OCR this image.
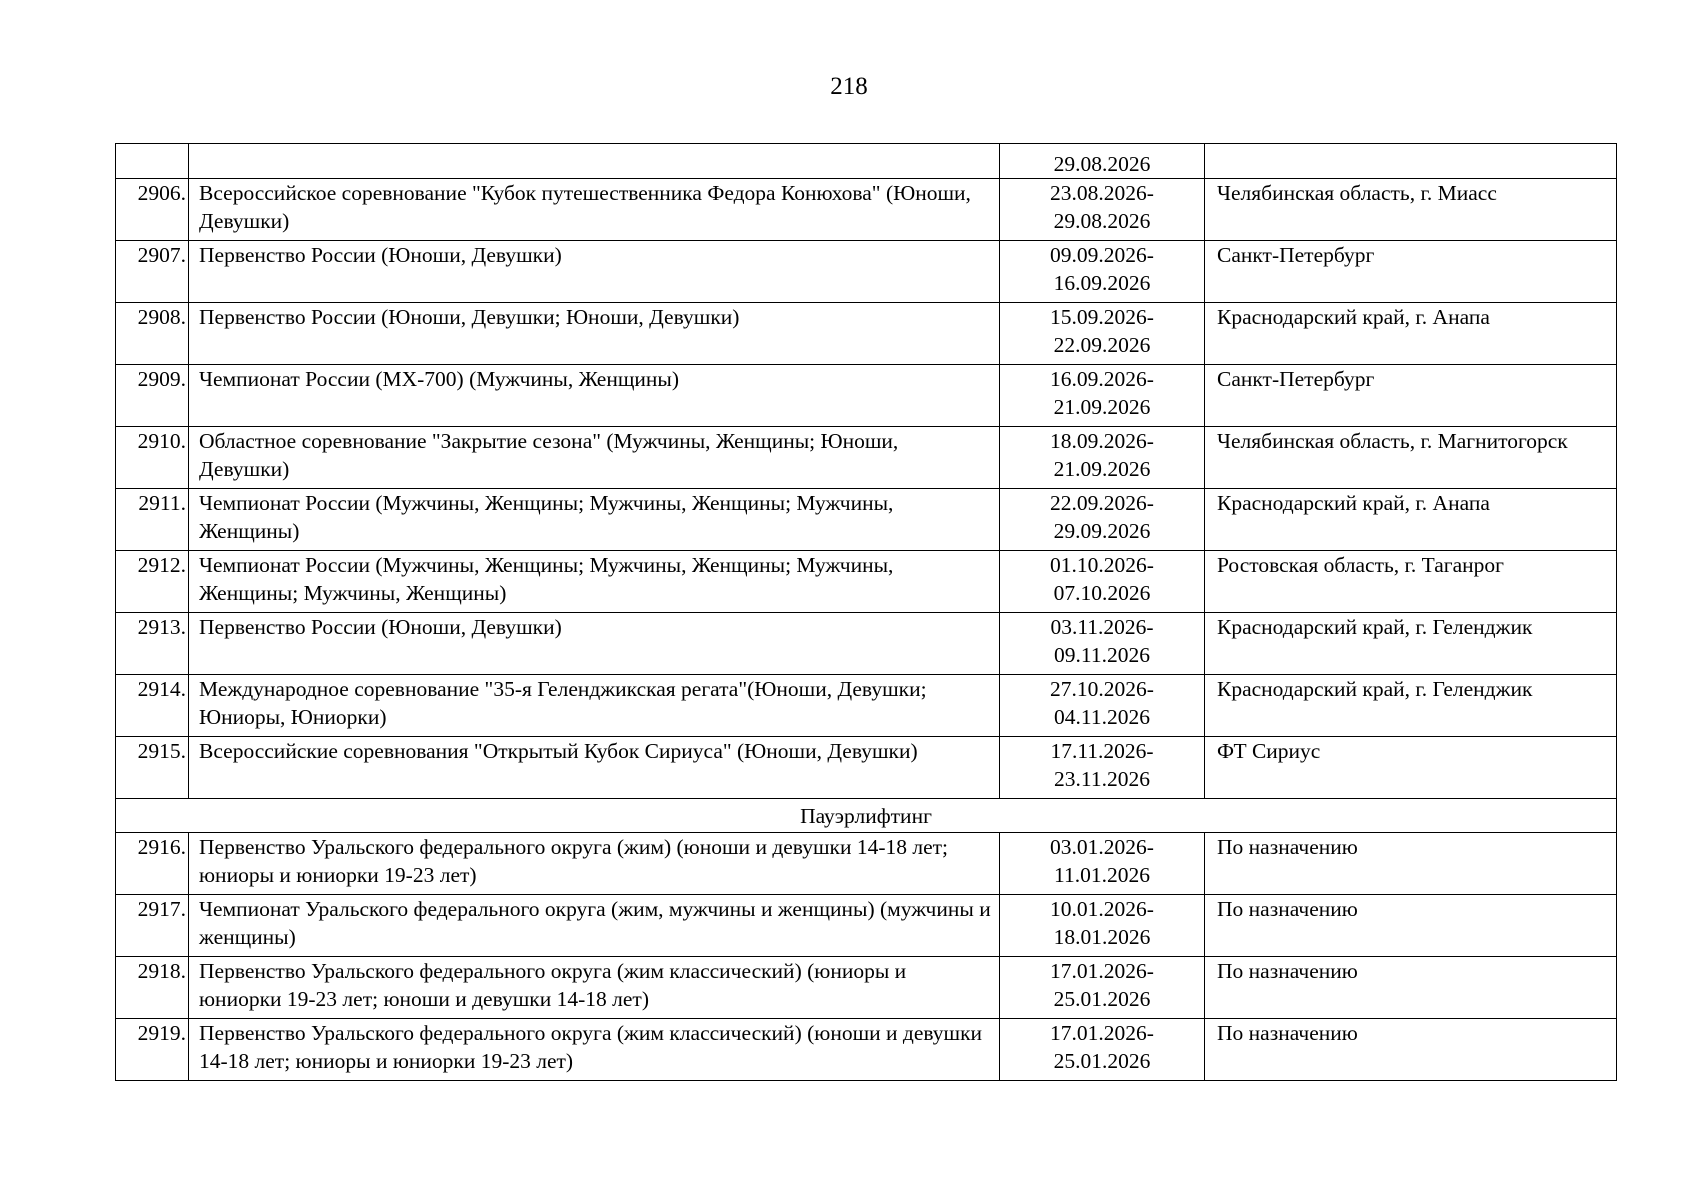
218

		29.08.2026	

2906.	Всероссийское соревнование "Кубок путешественника Федора Конюхова" (Юноши, Девушки)	23.08.2026-
29.08.2026	Челябинская область, г. Миасс
2907.	Первенство России (Юноши, Девушки)	09.09.2026-
16.09.2026	Санкт-Петербург
2908.	Первенство России (Юноши, Девушки; Юноши, Девушки)	15.09.2026-
22.09.2026	Краснодарский край, г. Анапа
2909.	Чемпионат России (MX-700) (Мужчины, Женщины)	16.09.2026-
21.09.2026	Санкт-Петербург
2910.	Областное соревнование "Закрытие сезона" (Мужчины, Женщины; Юноши, Девушки)	18.09.2026-
21.09.2026	Челябинская область, г. Магнитогорск
2911.	Чемпионат России (Мужчины, Женщины; Мужчины, Женщины; Мужчины, Женщины)	22.09.2026-
29.09.2026	Краснодарский край, г. Анапа
2912.	Чемпионат России (Мужчины, Женщины; Мужчины, Женщины; Мужчины, Женщины; Мужчины, Женщины)	01.10.2026-
07.10.2026	Ростовская область, г. Таганрог
2913.	Первенство России (Юноши, Девушки)	03.11.2026-
09.11.2026	Краснодарский край, г. Геленджик
2914.	Международное соревнование "35-я Геленджикская регата"(Юноши, Девушки; Юниоры, Юниорки)	27.10.2026-
04.11.2026	Краснодарский край, г. Геленджик
2915.	Всероссийские соревнования "Открытый Кубок Сириуса" (Юноши, Девушки)	17.11.2026-
23.11.2026	ФТ Сириус
Пауэрлифтинг			
2916.	Первенство Уральского федерального округа (жим) (юноши и девушки 14-18 лет; юниоры и юниорки 19-23 лет)	03.01.2026-
11.01.2026	По назначению
2917.	Чемпионат Уральского федерального округа (жим, мужчины и женщины) (мужчины и женщины)	10.01.2026-
18.01.2026	По назначению
2918.	Первенство Уральского федерального округа (жим классический) (юниоры и юниорки 19-23 лет; юноши и девушки 14-18 лет)	17.01.2026-
25.01.2026	По назначению
2919.	Первенство Уральского федерального округа (жим классический) (юноши и девушки 14-18 лет; юниоры и юниорки 19-23 лет)	17.01.2026-
25.01.2026	По назначению
